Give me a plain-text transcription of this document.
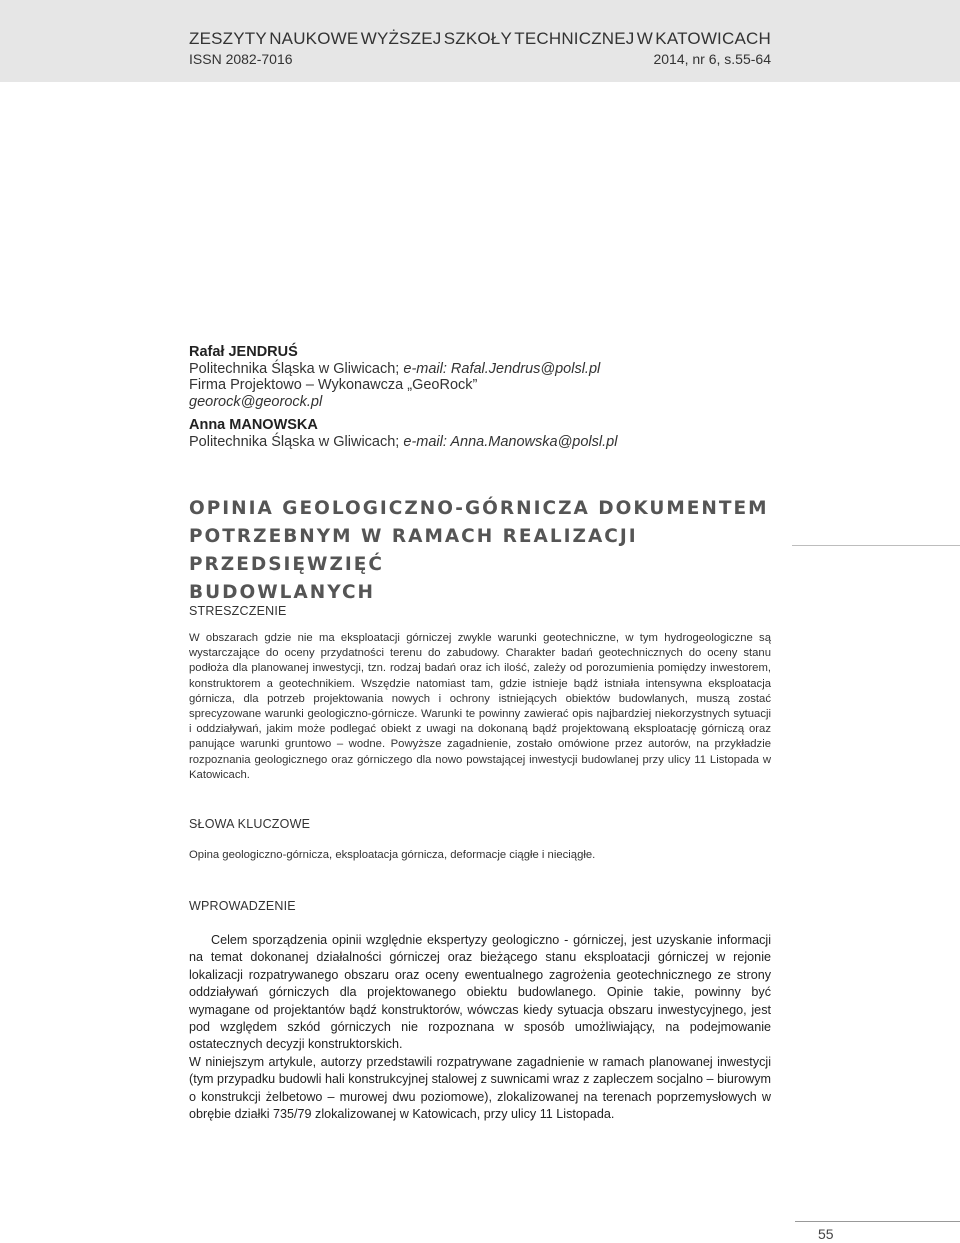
ZESZYTY NAUKOWE WYŻSZEJ SZKOŁY TECHNICZNEJ W KATOWICACH
ISSN 2082-7016	2014, nr 6, s.55-64
Rafał JENDRUŚ
Politechnika Śląska w Gliwicach; e-mail: Rafal.Jendrus@polsl.pl
Firma Projektowo – Wykonawcza „GeoRock”
georock@georock.pl
Anna MANOWSKA
Politechnika Śląska w Gliwicach; e-mail: Anna.Manowska@polsl.pl
OPINIA GEOLOGICZNO-GÓRNICZA DOKUMENTEM
POTRZEBNYM W RAMACH REALIZACJI PRZEDSIĘWZIĘĆ
BUDOWLANYCH
STRESZCZENIE
W obszarach gdzie nie ma eksploatacji górniczej zwykle warunki geotechniczne, w tym hydrogeologiczne są wystarczające do oceny przydatności terenu do zabudowy. Charakter badań geotechnicznych do oceny stanu podłoża dla planowanej inwestycji, tzn. rodzaj badań oraz ich ilość, zależy od porozumienia pomiędzy inwestorem, konstruktorem a geotechnikiem. Wszędzie natomiast tam, gdzie istnieje bądź istniała intensywna eksploatacja górnicza, dla potrzeb projektowania nowych i ochrony istniejących obiektów budowlanych, muszą zostać sprecyzowane warunki geologiczno-górnicze. Warunki te powinny zawierać opis najbardziej niekorzystnych sytuacji i oddziaływań, jakim może podlegać obiekt z uwagi na dokonaną bądź projektowaną eksploatację górniczą oraz panujące warunki gruntowo – wodne. Powyższe zagadnienie, zostało omówione przez autorów, na przykładzie rozpoznania geologicznego oraz górniczego dla nowo powstającej inwestycji budowlanej przy ulicy 11 Listopada w Katowicach.
SŁOWA KLUCZOWE
Opina geologiczno-górnicza, eksploatacja górnicza, deformacje ciągłe i nieciągłe.
WPROWADZENIE

Celem sporządzenia opinii względnie ekspertyzy geologiczno - górniczej, jest uzyskanie informacji na temat dokonanej działalności górniczej oraz bieżącego stanu eksploatacji górniczej w rejonie lokalizacji rozpatrywanego obszaru oraz oceny ewentualnego zagrożenia geotechnicznego ze strony oddziaływań górniczych dla projektowanego obiektu budowlanego. Opinie takie, powinny być wymagane od projektantów bądź konstruktorów, wówczas kiedy sytuacja obszaru inwestycyjnego, jest pod względem szkód górniczych nie rozpoznana w sposób umożliwiający, na podejmowanie ostatecznych decyzji konstruktorskich.

W niniejszym artykule, autorzy przedstawili rozpatrywane zagadnienie w ramach planowanej inwestycji (tym przypadku budowli hali konstrukcyjnej stalowej z suwnicami wraz z zapleczem socjalno – biurowym o konstrukcji żelbetowo – murowej dwu poziomowe), zlokalizowanej na terenach poprzemysłowych w obrębie działki 735/79 zlokalizowanej w Katowicach, przy ulicy 11 Listopada.

55
